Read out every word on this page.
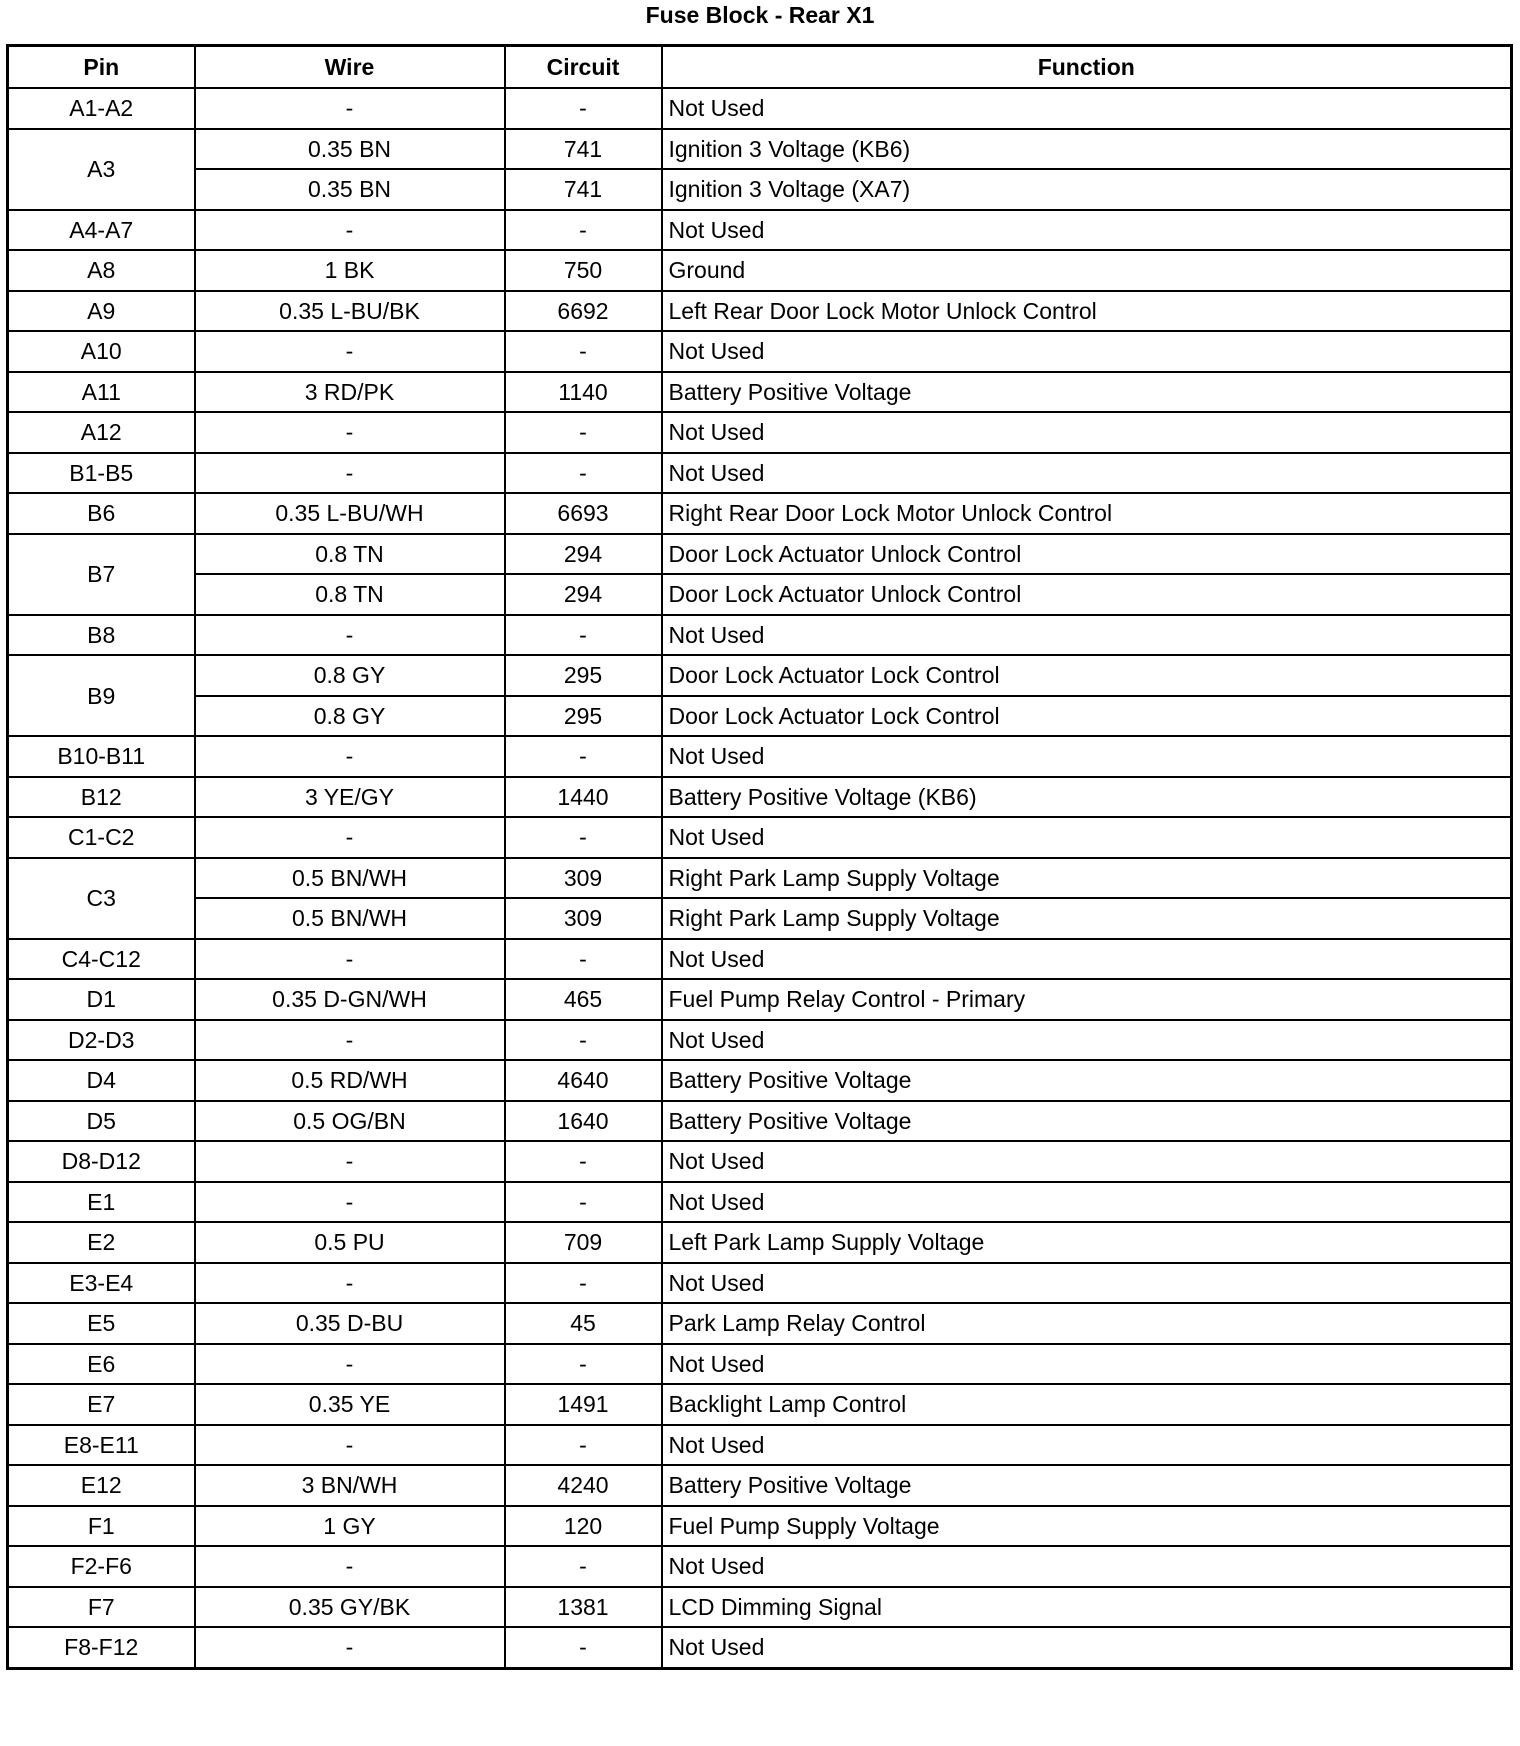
Fuse Block - Rear X1
Pin	Wire	Circuit	Function
A1-A2	-	-	Not Used
A3	0.35 BN	741	Ignition 3 Voltage (KB6)
	0.35 BN	741	Ignition 3 Voltage (XA7)
A4-A7	-	-	Not Used
A8	1 BK	750	Ground
A9	0.35 L-BU/BK	6692	Left Rear Door Lock Motor Unlock Control
A10	-	-	Not Used
A11	3 RD/PK	1140	Battery Positive Voltage
A12	-	-	Not Used
B1-B5	-	-	Not Used
B6	0.35 L-BU/WH	6693	Right Rear Door Lock Motor Unlock Control
B7	0.8 TN	294	Door Lock Actuator Unlock Control
	0.8 TN	294	Door Lock Actuator Unlock Control
B8	-	-	Not Used
B9	0.8 GY	295	Door Lock Actuator Lock Control
	0.8 GY	295	Door Lock Actuator Lock Control
B10-B11	-	-	Not Used
B12	3 YE/GY	1440	Battery Positive Voltage (KB6)
C1-C2	-	-	Not Used
C3	0.5 BN/WH	309	Right Park Lamp Supply Voltage
	0.5 BN/WH	309	Right Park Lamp Supply Voltage
C4-C12	-	-	Not Used
D1	0.35 D-GN/WH	465	Fuel Pump Relay Control - Primary
D2-D3	-	-	Not Used
D4	0.5 RD/WH	4640	Battery Positive Voltage
D5	0.5 OG/BN	1640	Battery Positive Voltage
D8-D12	-	-	Not Used
E1	-	-	Not Used
E2	0.5 PU	709	Left Park Lamp Supply Voltage
E3-E4	-	-	Not Used
E5	0.35 D-BU	45	Park Lamp Relay Control
E6	-	-	Not Used
E7	0.35 YE	1491	Backlight Lamp Control
E8-E11	-	-	Not Used
E12	3 BN/WH	4240	Battery Positive Voltage
F1	1 GY	120	Fuel Pump Supply Voltage
F2-F6	-	-	Not Used
F7	0.35 GY/BK	1381	LCD Dimming Signal
F8-F12	-	-	Not Used
